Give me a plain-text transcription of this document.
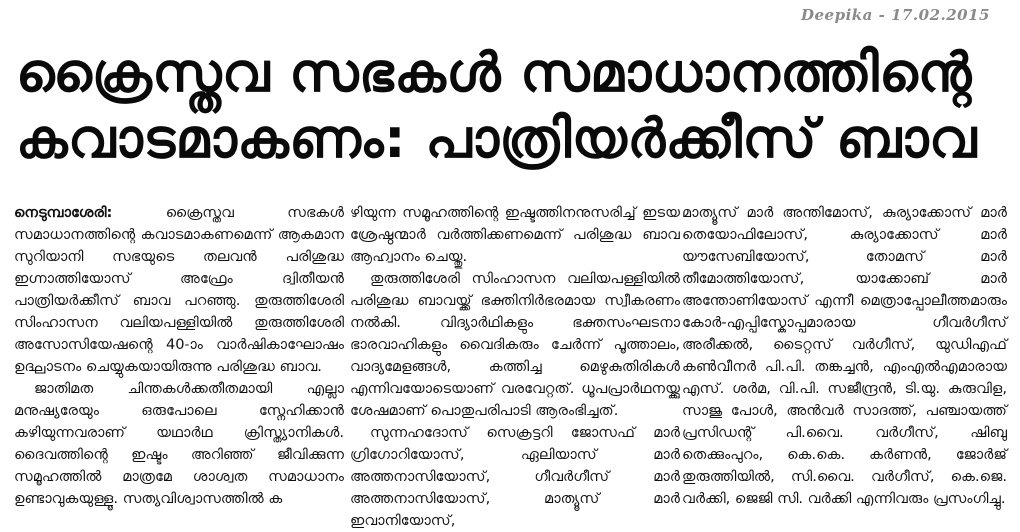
Deepika - 17.02.2015
ക്രൈസ്തവ സഭകൾ സമാധാനത്തിന്റെ
കവാടമാകണം: പാത്രിയർക്കീസ് ബാവ

നെടുമ്പാശേരി:	ക്രൈസ്തവ സഭകൾ സമാധാനത്തിന്റെ കവാടമാകണമെന്ന് ആകമാന സുറിയാനി സഭയുടെ തലവൻ പരിശുദ്ധ ഇഗ്നാത്തിയോസ് അഫ്രേം ദ്വിതീയൻ പാത്രിയർക്കീസ് ബാവ പറഞ്ഞു. തുരുത്തിശേരി സിംഹാസന വലിയപള്ളിയിൽ തുരുത്തിശേരി അസോസിയേഷന്റെ 40-ാം വാർഷികാഘോഷം ഉദ്ഘാടനം ചെയ്യുകയായിരുന്നു പരിശുദ്ധ ബാവ.

ജാതിമത ചിന്തകൾക്കതീതമായി എല്ലാ മനുഷ്യരേയും ഒരുപോലെ സ്നേഹിക്കാൻ കഴിയുന്നവരാണ് യഥാർഥ ക്രിസ്ത്യാനികൾ. ദൈവത്തിന്റെ ഇഷ്ടം അറിഞ്ഞ് ജീവിക്കുന്ന സമൂഹത്തിൽ മാത്രമേ ശാശ്വത സമാധാനം ഉണ്ടാവുകയുള്ളൂ. സത്യവിശ്വാസത്തിൽ ക

ഴിയുന്ന സമൂഹത്തിന്റെ ഇഷ്ടത്തിനനുസരിച്ച് ഇടയ ശ്രേഷ്ഠന്മാർ വർത്തിക്കണമെന്ന് പരിശുദ്ധ ബാവ ആഹ്വാനം ചെയ്തു.

തുരുത്തിശേരി സിംഹാസന വലിയപള്ളിയിൽ പരിശുദ്ധ ബാവയ്ക്ക് ഭക്തിനിർഭരമായ സ്വീകരണം നൽകി. വിദ്യാർഥികളും ഭക്തസംഘടനാ ഭാരവാഹികളും വൈദികരും ചേർന്ന് പൂത്താലം, വാദ്യമേളങ്ങൾ, കത്തിച്ച മെഴുകുതിരികൾ എന്നിവയോടെയാണ് വരവേറ്റത്. ധൂപപ്രാർഥനയ്ക്കു ശേഷമാണ് പൊതുപരിപാടി ആരംഭിച്ചത്.

സുന്നഹദോസ് സെക്രട്ടറി ജോസഫ് മാർ ഗ്രിഗോറിയോസ്, ഏലിയാസ് മാർ അത്തനാസിയോസ്, ഗീവർഗീസ് മാർ അത്തനാസിയോസ്, മാത്യൂസ് മാർ ഇവാനിയോസ്,

മാത്യൂസ് മാർ അന്തിമോസ്, കുര്യാക്കോസ് മാർ തെയോഫിലോസ്, കുര്യാക്കോസ് മാർ യൗസേബിയോസ്, തോമസ് മാർ തീമോത്തിയോസ്, യാക്കോബ് മാർ അന്തോണിയോസ് എന്നീ മെത്രാപ്പോലീത്തമാരും കോർ-എപ്പിസ്കോപ്പമാരായ ഗീവർഗീസ് അരീക്കൽ, ടൈറ്റസ് വർഗീസ്, യുഡിഎഫ് കൺവീനർ പി.പി. തങ്കച്ചൻ, എംഎൽഎമാരായ എസ്. ശർമ, വി.പി. സജീന്ദ്രൻ, ടി.യു. കുരുവിള, സാജു പോൾ, അൻവർ സാദത്ത്, പഞ്ചായത്ത് പ്രസിഡന്റ് പി.വൈ. വർഗീസ്, ഷിബു തെക്കുംപുറം, കെ.കെ. കർണൻ, ജോർജ് തുരുത്തിയിൽ, സി.വൈ. വർഗീസ്, കെ.ജെ. വർക്കി, ജെജി സി. വർക്കി എന്നിവരും പ്രസംഗിച്ചു.
